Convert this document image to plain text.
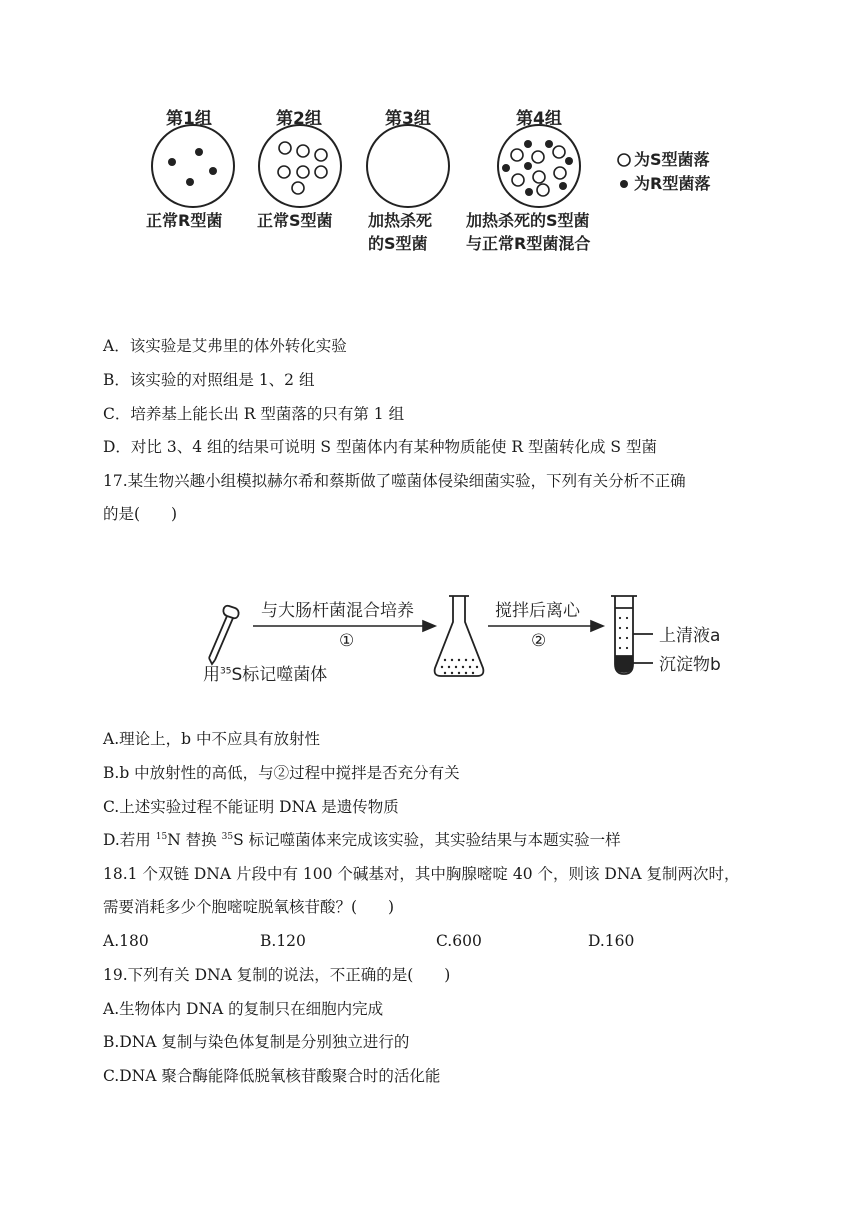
第1组	第2组	第3组	第4组
为S型菌落
为R型菌落
正常R型菌 正常S型菌 加热杀死
的S型菌
加热杀死的S型菌
与正常R型菌混合
A．该实验是艾弗里的体外转化实验
B．该实验的对照组是 1、2 组
C．培养基上能长出 R 型菌落的只有第 1 组
D．对比 3、4 组的结果可说明 S 型菌体内有某种物质能使 R 型菌转化成 S 型菌
17.某生物兴趣小组模拟赫尔希和蔡斯做了噬菌体侵染细菌实验，下列有关分析不正确
的是(　　)
与大肠杆菌混合培养
①
搅拌后离心
②
用$^{35}$S标记噬菌体
上清液a
沉淀物b
A.理论上，b 中不应具有放射性
B.b 中放射性的高低，与②过程中搅拌是否充分有关
C.上述实验过程不能证明 DNA 是遗传物质
D.若用 $^{15}$N 替换 $^{35}$S 标记噬菌体来完成该实验，其实验结果与本题实验一样
18.1 个双链 DNA 片段中有 100 个碱基对，其中胸腺嘧啶 40 个，则该 DNA 复制两次时，
需要消耗多少个胞嘧啶脱氧核苷酸？(　　)
A.180	B.120	C.600	D.160
19.下列有关 DNA 复制的说法，不正确的是(　　)
A.生物体内 DNA 的复制只在细胞内完成
B.DNA 复制与染色体复制是分别独立进行的
C.DNA 聚合酶能降低脱氧核苷酸聚合时的活化能
